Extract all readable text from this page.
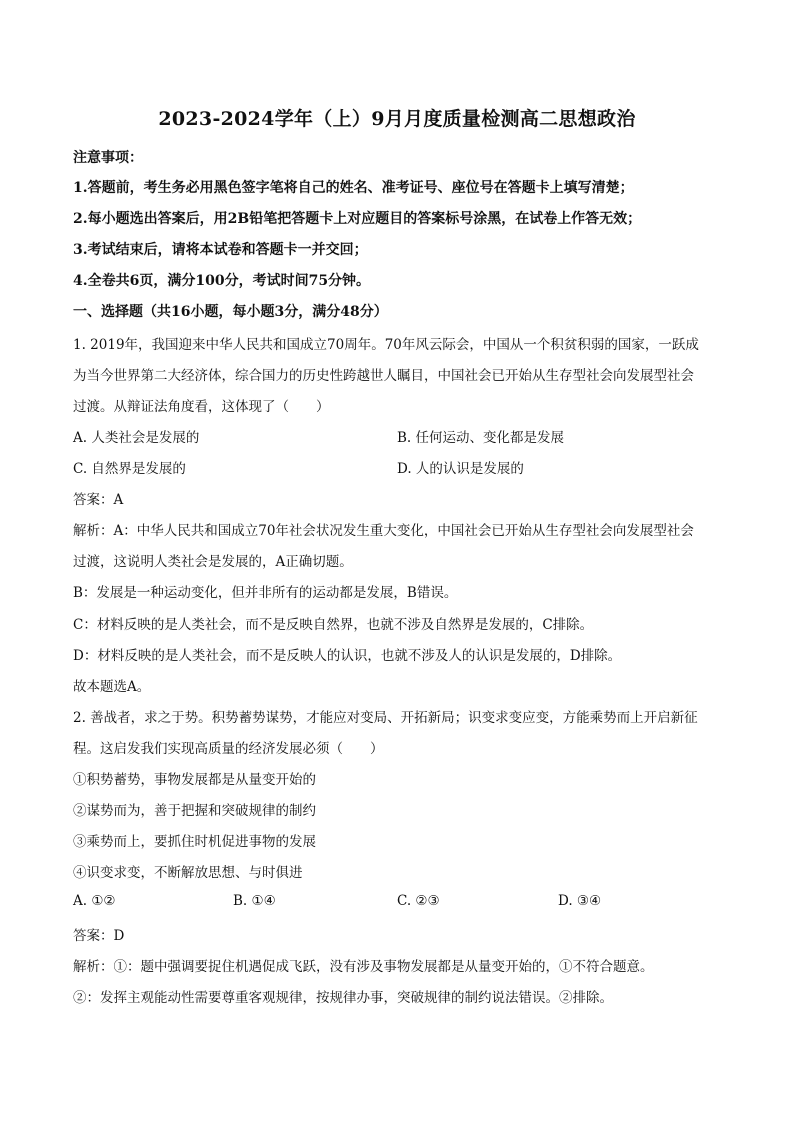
2023-2024学年（上）9月月度质量检测高二思想政治
注意事项：
1.答题前，考生务必用黑色签字笔将自己的姓名、准考证号、座位号在答题卡上填写清楚；
2.每小题选出答案后，用2B铅笔把答题卡上对应题目的答案标号涂黑，在试卷上作答无效；
3.考试结束后，请将本试卷和答题卡一并交回；
4.全卷共6页，满分100分，考试时间75分钟。
一、选择题（共16小题，每小题3分，满分48分）
1. 2019年，我国迎来中华人民共和国成立70周年。70年风云际会，中国从一个积贫积弱的国家，一跃成
为当今世界第二大经济体，综合国力的历史性跨越世人瞩目，中国社会已开始从生存型社会向发展型社会
过渡。从辩证法角度看，这体现了（　　）
A. 人类社会是发展的	B. 任何运动、变化都是发展
C. 自然界是发展的	D. 人的认识是发展的
答案：A
解析：A：中华人民共和国成立70年社会状况发生重大变化，中国社会已开始从生存型社会向发展型社会
过渡，这说明人类社会是发展的，A正确切题。
B：发展是一种运动变化，但并非所有的运动都是发展，B错误。
C：材料反映的是人类社会，而不是反映自然界，也就不涉及自然界是发展的，C排除。
D：材料反映的是人类社会，而不是反映人的认识，也就不涉及人的认识是发展的，D排除。
故本题选A。
2. 善战者，求之于势。积势蓄势谋势，才能应对变局、开拓新局；识变求变应变，方能乘势而上开启新征
程。这启发我们实现高质量的经济发展必须（　　）
①积势蓄势，事物发展都是从量变开始的
②谋势而为，善于把握和突破规律的制约
③乘势而上，要抓住时机促进事物的发展
④识变求变，不断解放思想、与时俱进
A. ①②	B. ①④	C. ②③	D. ③④
答案：D
解析：①：题中强调要捉住机遇促成飞跃，没有涉及事物发展都是从量变开始的，①不符合题意。
②：发挥主观能动性需要尊重客观规律，按规律办事，突破规律的制约说法错误。②排除。
